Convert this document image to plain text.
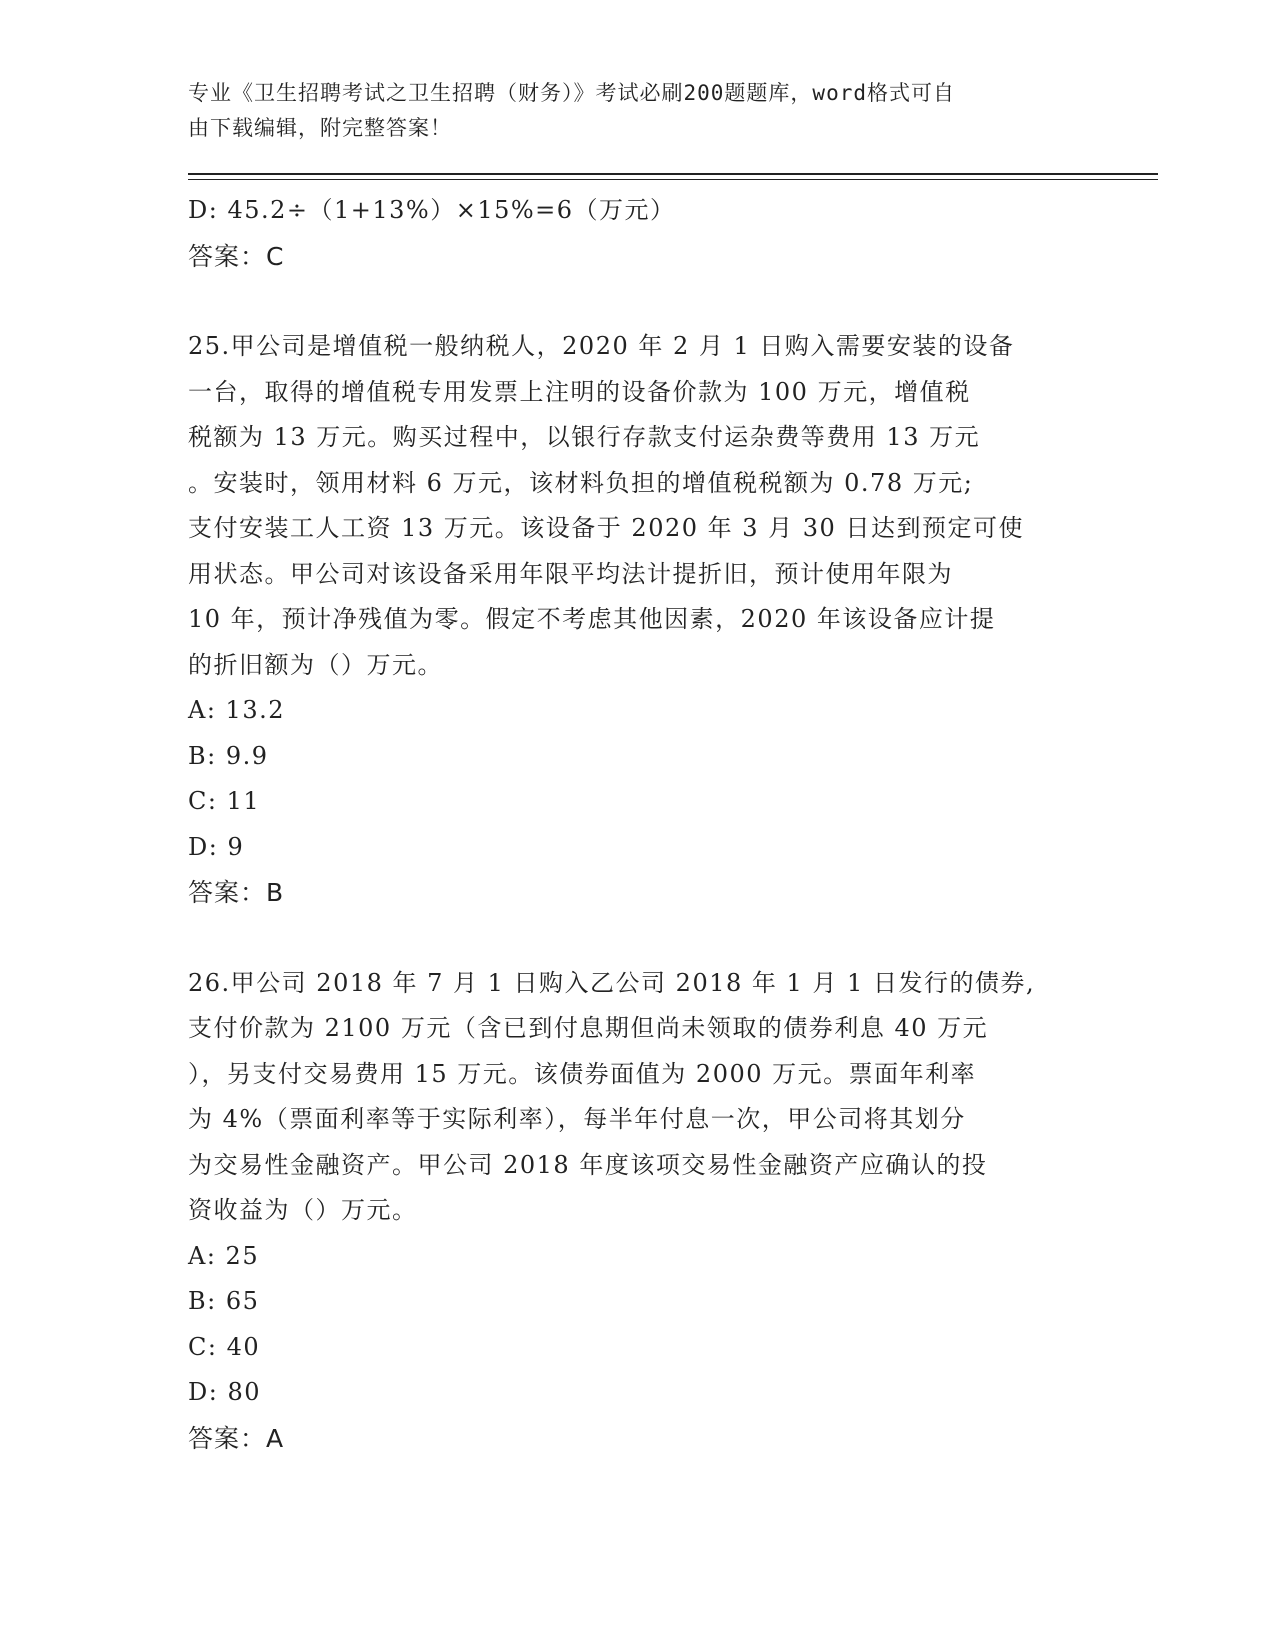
专业《卫生招聘考试之卫生招聘（财务）》考试必刷200题题库，word格式可自
由下载编辑，附完整答案！
D: 45.2÷（1+13%）×15%=6（万元）
答案：C
25.甲公司是增值税一般纳税人，2020 年 2 月 1 日购入需要安装的设备
一台，取得的增值税专用发票上注明的设备价款为 100 万元，增值税
税额为 13 万元。购买过程中，以银行存款支付运杂费等费用 13 万元
。安装时，领用材料 6 万元，该材料负担的增值税税额为 0.78 万元;
支付安装工人工资 13 万元。该设备于 2020 年 3 月 30 日达到预定可使
用状态。甲公司对该设备采用年限平均法计提折旧，预计使用年限为
10 年，预计净残值为零。假定不考虑其他因素，2020 年该设备应计提
的折旧额为（）万元。
A: 13.2
B: 9.9
C: 11
D: 9
答案：B
26.甲公司 2018 年 7 月 1 日购入乙公司 2018 年 1 月 1 日发行的债券,
支付价款为 2100 万元（含已到付息期但尚未领取的债券利息 40 万元
），另支付交易费用 15 万元。该债券面值为 2000 万元。票面年利率
为 4%（票面利率等于实际利率），每半年付息一次，甲公司将其划分
为交易性金融资产。甲公司 2018 年度该项交易性金融资产应确认的投
资收益为（）万元。
A: 25
B: 65
C: 40
D: 80
答案：A
